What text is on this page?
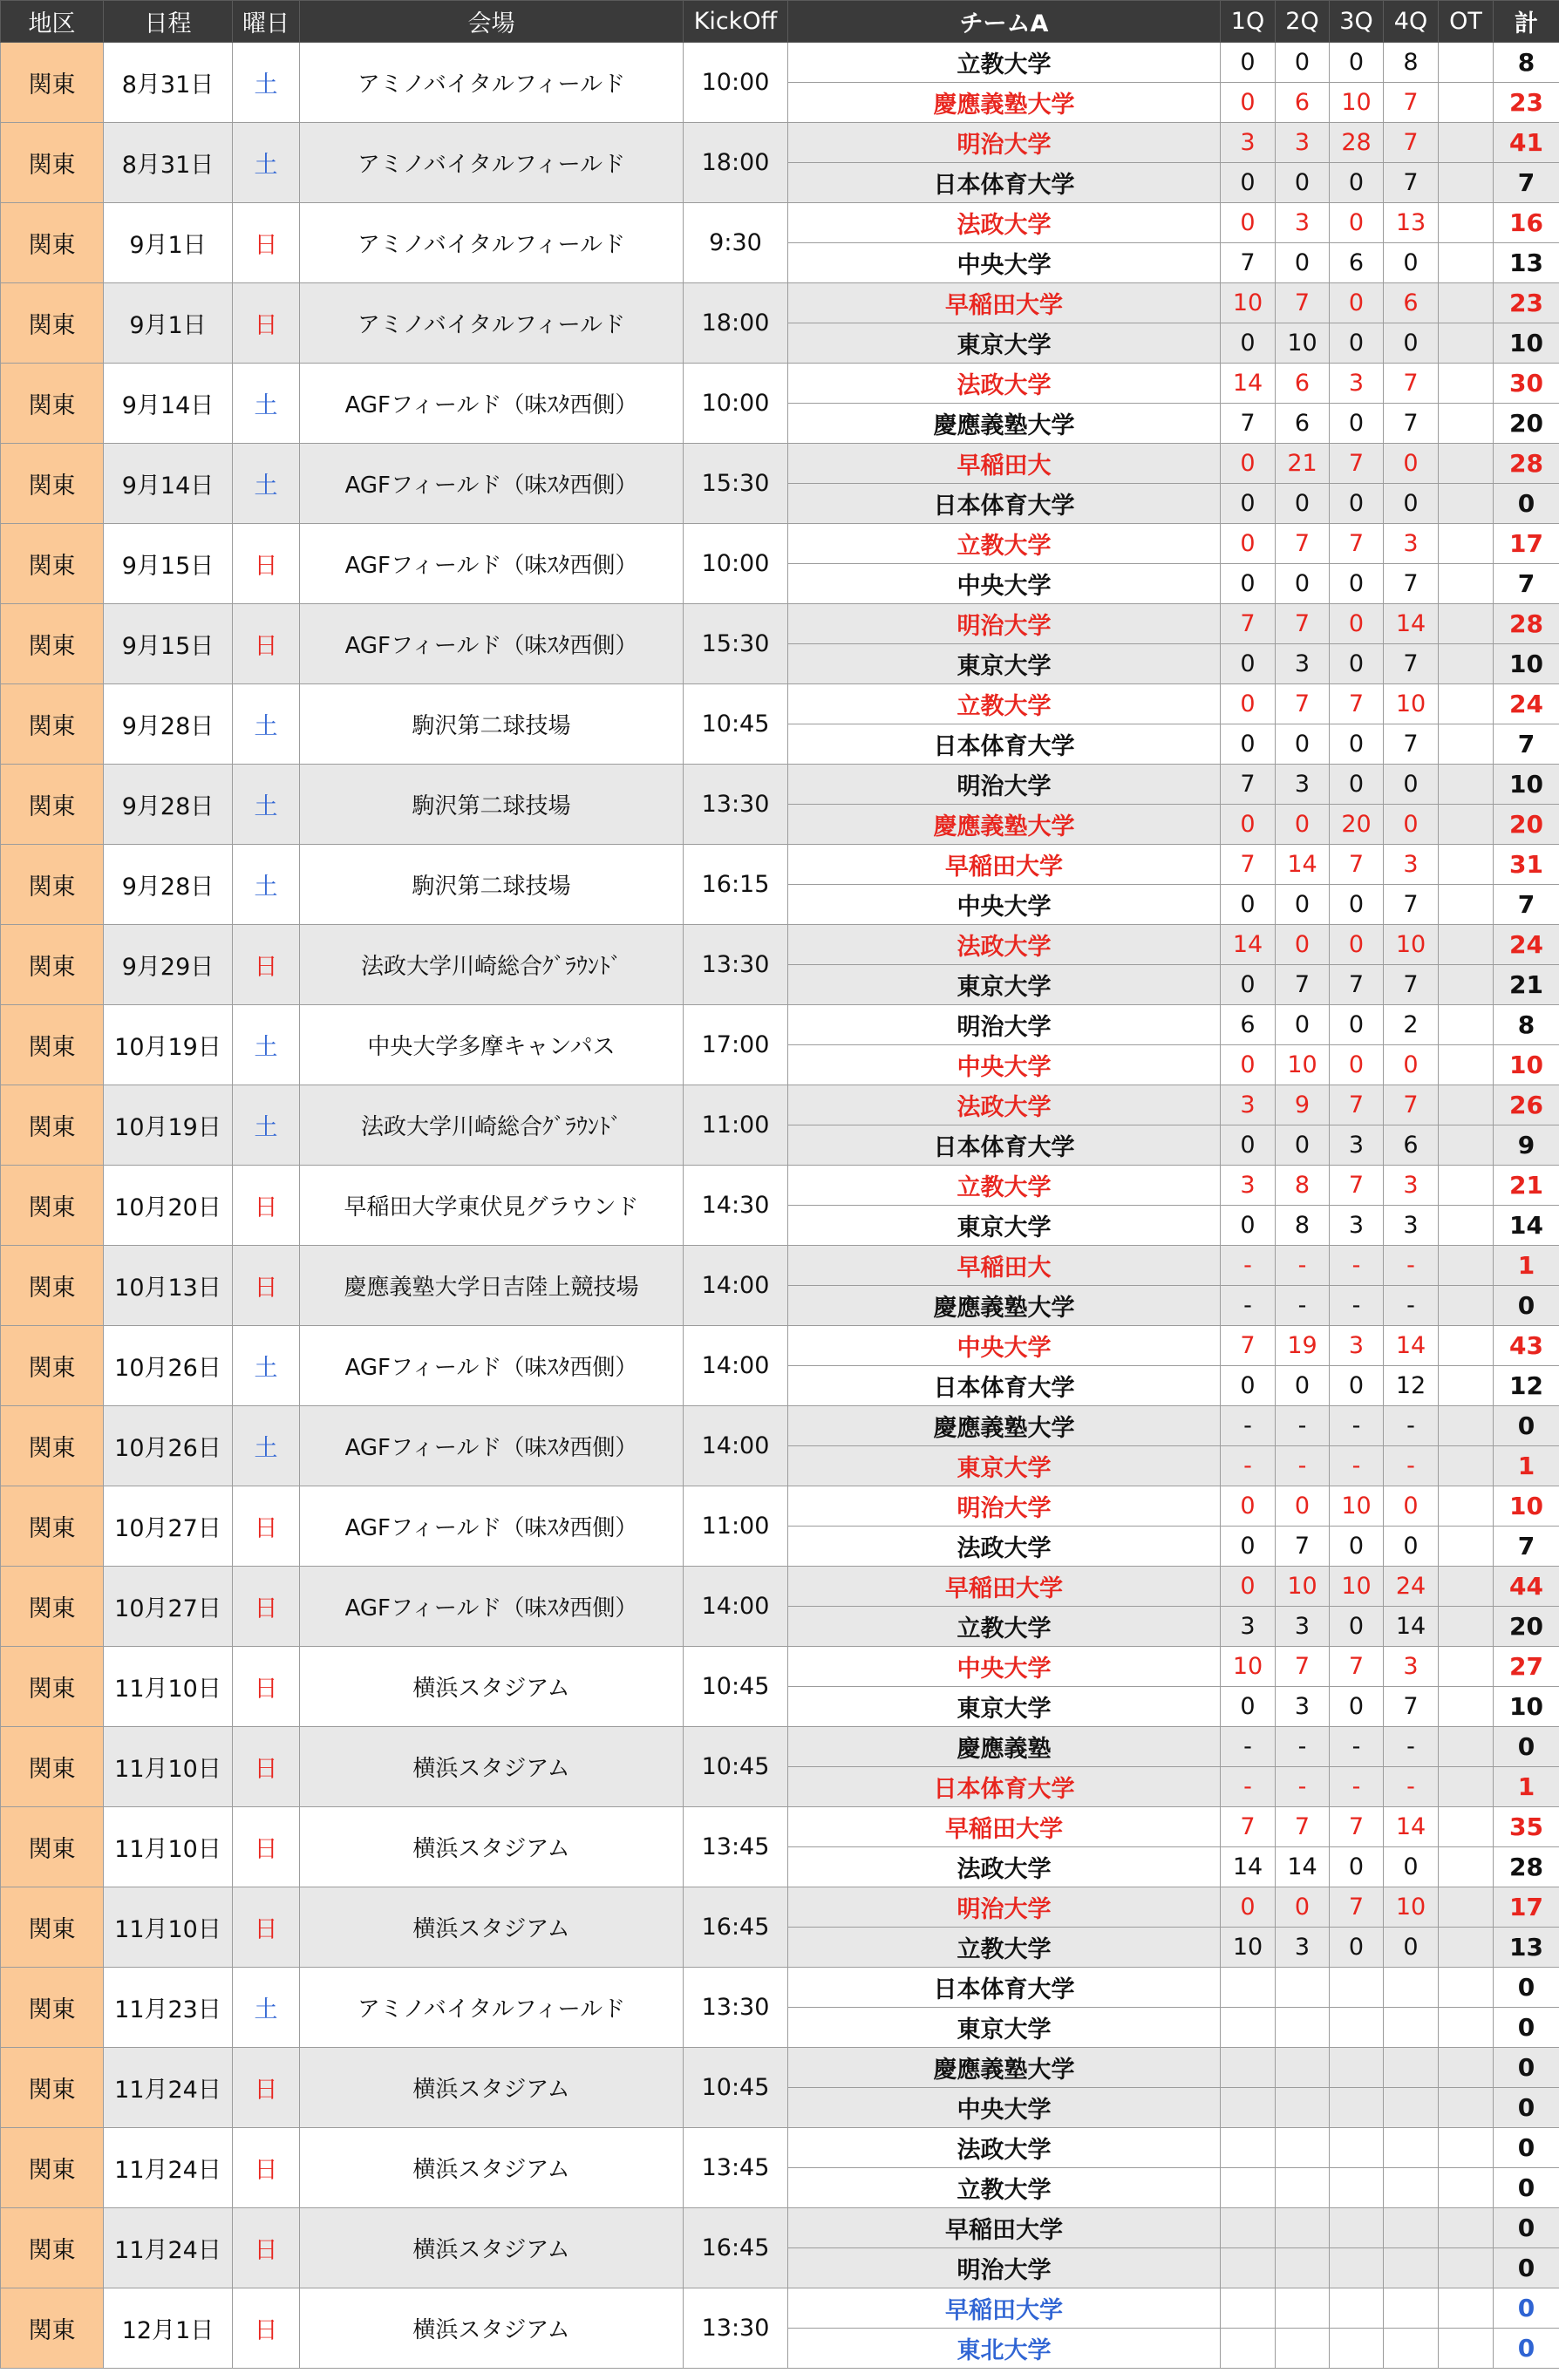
地区	日程	曜日	会場	KickOff	チームA	1Q	2Q	3Q	4Q	OT	計
関東	8月31日	土	アミノバイタルフィールド	10:00	立教大学	0	0	0	8		8
					慶應義塾大学	0	6	10	7		23
関東	8月31日	土	アミノバイタルフィールド	18:00	明治大学	3	3	28	7		41
					日本体育大学	0	0	0	7		7
関東	9月1日	日	アミノバイタルフィールド	9:30	法政大学	0	3	0	13		16
					中央大学	7	0	6	0		13
関東	9月1日	日	アミノバイタルフィールド	18:00	早稲田大学	10	7	0	6		23
					東京大学	0	10	0	0		10
関東	9月14日	土	AGFフィールド（味ｽﾀ西側）	10:00	法政大学	14	6	3	7		30
					慶應義塾大学	7	6	0	7		20
関東	9月14日	土	AGFフィールド（味ｽﾀ西側）	15:30	早稲田大	0	21	7	0		28
					日本体育大学	0	0	0	0		0
関東	9月15日	日	AGFフィールド（味ｽﾀ西側）	10:00	立教大学	0	7	7	3		17
					中央大学	0	0	0	7		7
関東	9月15日	日	AGFフィールド（味ｽﾀ西側）	15:30	明治大学	7	7	0	14		28
					東京大学	0	3	0	7		10
関東	9月28日	土	駒沢第二球技場	10:45	立教大学	0	7	7	10		24
					日本体育大学	0	0	0	7		7
関東	9月28日	土	駒沢第二球技場	13:30	明治大学	7	3	0	0		10
					慶應義塾大学	0	0	20	0		20
関東	9月28日	土	駒沢第二球技場	16:15	早稲田大学	7	14	7	3		31
					中央大学	0	0	0	7		7
関東	9月29日	日	法政大学川崎総合ｸﾞﾗｳﾝﾄﾞ	13:30	法政大学	14	0	0	10		24
					東京大学	0	7	7	7		21
関東	10月19日	土	中央大学多摩キャンパス	17:00	明治大学	6	0	0	2		8
					中央大学	0	10	0	0		10
関東	10月19日	土	法政大学川崎総合ｸﾞﾗｳﾝﾄﾞ	11:00	法政大学	3	9	7	7		26
					日本体育大学	0	0	3	6		9
関東	10月20日	日	早稲田大学東伏見グラウンド	14:30	立教大学	3	8	7	3		21
					東京大学	0	8	3	3		14
関東	10月13日	日	慶應義塾大学日吉陸上競技場	14:00	早稲田大	-	-	-	-		1
					慶應義塾大学	-	-	-	-		0
関東	10月26日	土	AGFフィールド（味ｽﾀ西側）	14:00	中央大学	7	19	3	14		43
					日本体育大学	0	0	0	12		12
関東	10月26日	土	AGFフィールド（味ｽﾀ西側）	14:00	慶應義塾大学	-	-	-	-		0
					東京大学	-	-	-	-		1
関東	10月27日	日	AGFフィールド（味ｽﾀ西側）	11:00	明治大学	0	0	10	0		10
					法政大学	0	7	0	0		7
関東	10月27日	日	AGFフィールド（味ｽﾀ西側）	14:00	早稲田大学	0	10	10	24		44
					立教大学	3	3	0	14		20
関東	11月10日	日	横浜スタジアム	10:45	中央大学	10	7	7	3		27
					東京大学	0	3	0	7		10
関東	11月10日	日	横浜スタジアム	10:45	慶應義塾	-	-	-	-		0
					日本体育大学	-	-	-	-		1
関東	11月10日	日	横浜スタジアム	13:45	早稲田大学	7	7	7	14		35
					法政大学	14	14	0	0		28
関東	11月10日	日	横浜スタジアム	16:45	明治大学	0	0	7	10		17
					立教大学	10	3	0	0		13
関東	11月23日	土	アミノバイタルフィールド	13:30	日本体育大学						0
					東京大学						0
関東	11月24日	日	横浜スタジアム	10:45	慶應義塾大学						0
					中央大学						0
関東	11月24日	日	横浜スタジアム	13:45	法政大学						0
					立教大学						0
関東	11月24日	日	横浜スタジアム	16:45	早稲田大学						0
					明治大学						0
関東	12月1日	日	横浜スタジアム	13:30	早稲田大学						0
					東北大学						0
